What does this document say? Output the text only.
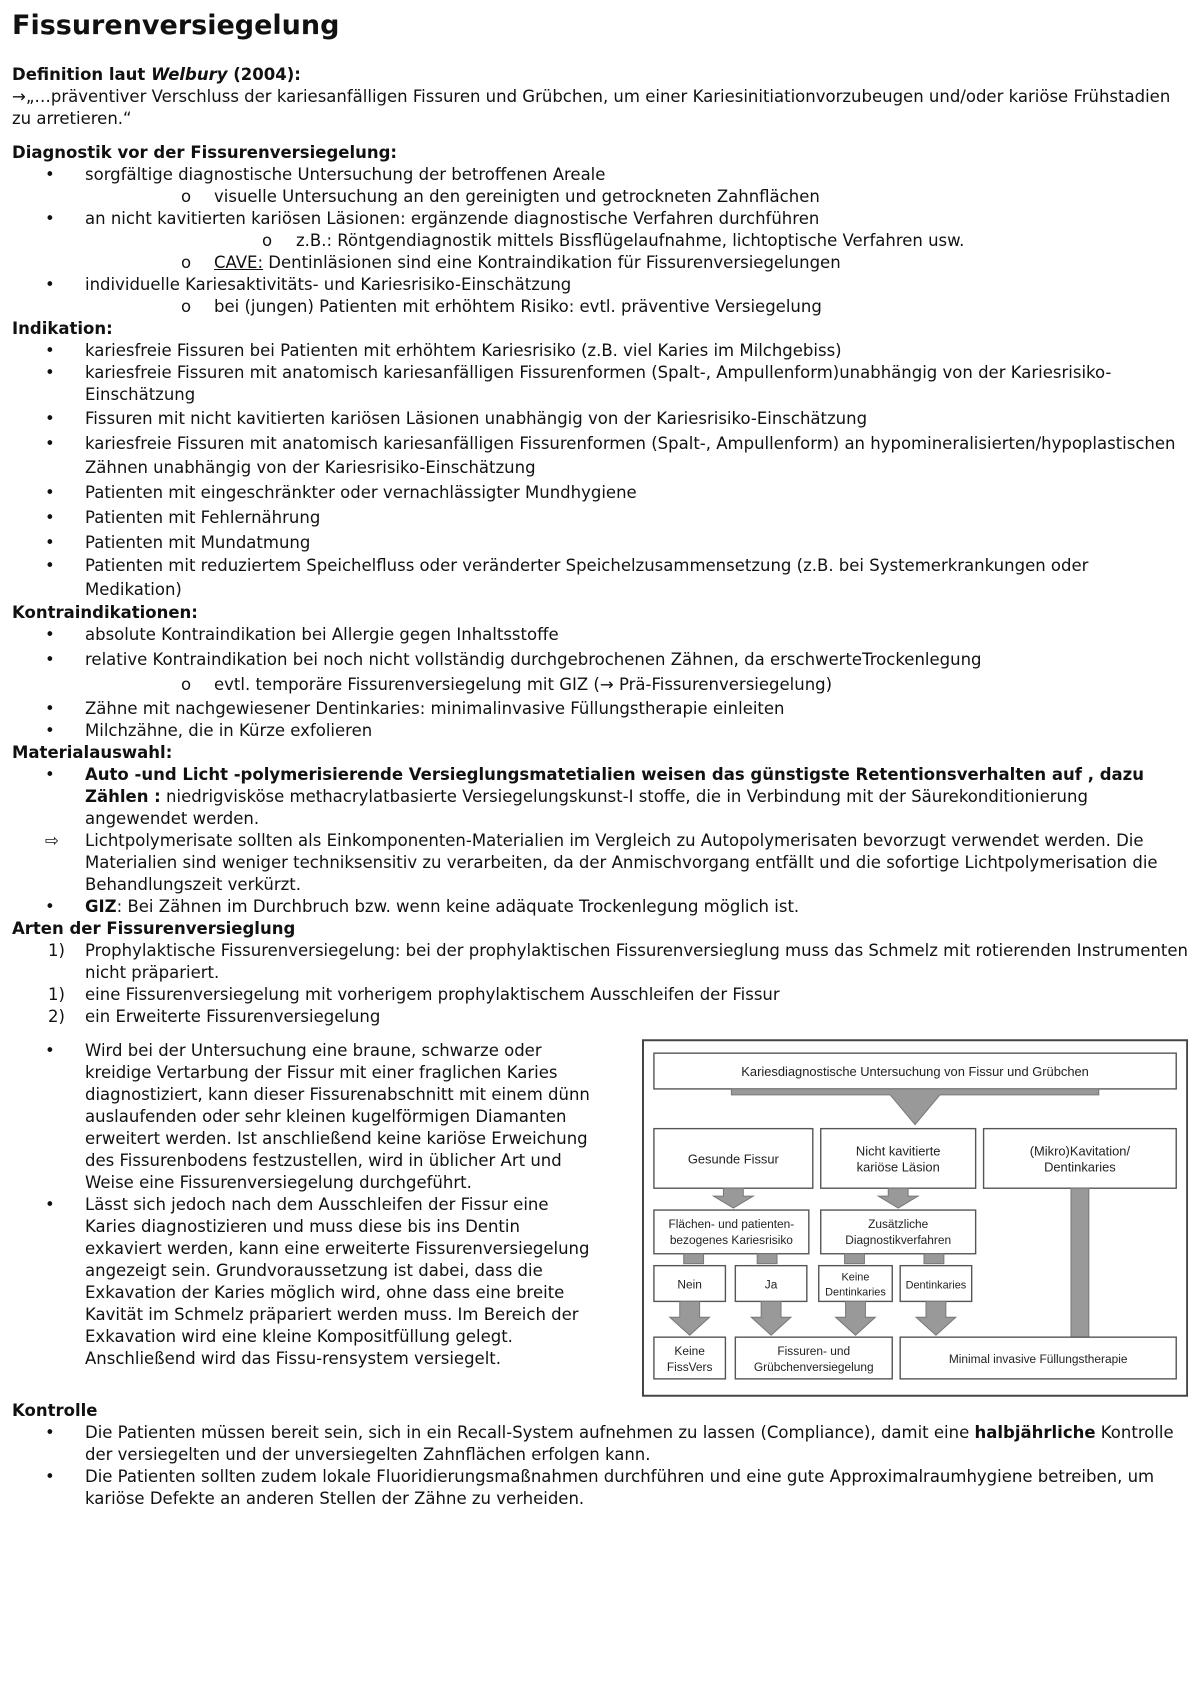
Fissurenversiegelung

Definition laut Welbury (2004):

→„…präventiver Verschluss der kariesanfälligen Fissuren und Grübchen, um einer Kariesinitiationvorzubeugen und/oder kariöse Frühstadien zu arretieren.“

Diagnostik vor der Fissurenversiegelung:

• sorgfältige diagnostische Untersuchung der betroffenen Areale
o visuelle Untersuchung an den gereinigten und getrockneten Zahnflächen
• an nicht kavitierten kariösen Läsionen: ergänzende diagnostische Verfahren durchführen
o z.B.: Röntgendiagnostik mittels Bissflügelaufnahme, lichtoptische Verfahren usw.
o CAVE: Dentinläsionen sind eine Kontraindikation für Fissurenversiegelungen
• individuelle Kariesaktivitäts- und Kariesrisiko-Einschätzung
o bei (jungen) Patienten mit erhöhtem Risiko: evtl. präventive Versiegelung

Indikation:

• kariesfreie Fissuren bei Patienten mit erhöhtem Kariesrisiko (z.B. viel Karies im Milchgebiss)
• kariesfreie Fissuren mit anatomisch kariesanfälligen Fissurenformen (Spalt-, Ampullenform)unabhängig von der Kariesrisiko-Einschätzung
• Fissuren mit nicht kavitierten kariösen Läsionen unabhängig von der Kariesrisiko-Einschätzung
• kariesfreie Fissuren mit anatomisch kariesanfälligen Fissurenformen (Spalt-, Ampullenform) an hypomineralisierten/hypoplastischen Zähnen unabhängig von der Kariesrisiko-Einschätzung
• Patienten mit eingeschränkter oder vernachlässigter Mundhygiene
• Patienten mit Fehlernährung
• Patienten mit Mundatmung
• Patienten mit reduziertem Speichelfluss oder veränderter Speichelzusammensetzung (z.B. bei Systemerkrankungen oder Medikation)

Kontraindikationen:

• absolute Kontraindikation bei Allergie gegen Inhaltsstoffe
• relative Kontraindikation bei noch nicht vollständig durchgebrochenen Zähnen, da erschwerteTrockenlegung
o evtl. temporäre Fissurenversiegelung mit GIZ (→ Prä-Fissurenversiegelung)
• Zähne mit nachgewiesener Dentinkaries: minimalinvasive Füllungstherapie einleiten
• Milchzähne, die in Kürze exfolieren

Materialauswahl:

• Auto -und Licht -polymerisierende Versieglungsmatetialien weisen das günstigste Retentionsverhalten auf , dazu Zählen : niedrigvisköse methacrylatbasierte Versiegelungskunst-I stoffe, die in Verbindung mit der Säurekonditionierung angewendet werden.
⇨ Lichtpolymerisate sollten als Einkomponenten-Materialien im Vergleich zu Autopolymerisaten bevorzugt verwendet werden. Die Materialien sind weniger techniksensitiv zu verarbeiten, da der Anmischvorgang entfällt und die sofortige Lichtpolymerisation die Behandlungszeit verkürzt.
• GIZ: Bei Zähnen im Durchbruch bzw. wenn keine adäquate Trockenlegung möglich ist.

Arten der Fissurenversieglung

1) Prophylaktische Fissurenversiegelung: bei der prophylaktischen Fissurenversieglung muss das Schmelz mit rotierenden Instrumenten nicht präpariert.
1) eine Fissurenversiegelung mit vorherigem prophylaktischem Ausschleifen der Fissur
2) ein Erweiterte Fissurenversiegelung
• Wird bei der Untersuchung eine braune, schwarze oder kreidige Vertarbung der Fissur mit einer fraglichen Karies diagnostiziert, kann dieser Fissurenabschnitt mit einem dünn auslaufenden oder sehr kleinen kugelförmigen Diamanten erweitert werden. Ist anschließend keine kariöse Erweichung des Fissurenbodens festzustellen, wird in üblicher Art und Weise eine Fissurenversiegelung durchgeführt.
• Lässt sich jedoch nach dem Ausschleifen der Fissur eine Karies diagnostizieren und muss diese bis ins Dentin exkaviert werden, kann eine erweiterte Fissurenversiegelung angezeigt sein. Grundvoraussetzung ist dabei, dass die Exkavation der Karies möglich wird, ohne dass eine breite Kavität im Schmelz präpariert werden muss. Im Bereich der Exkavation wird eine kleine Kompositfüllung gelegt. Anschließend wird das Fissu-rensystem versiegelt.
Kariesdiagnostische Untersuchung von Fissur und Grübchen
Gesunde Fissur
Nicht kavitierte
kariöse Läsion
(Mikro)Kavitation/
Dentinkaries
Flächen- und patienten-
bezogenes Kariesrisiko
Zusätzliche
Diagnostikverfahren
Nein	Ja	Keine
Dentinkaries
Dentinkaries
Keine
FissVers
Fissuren- und
Grübchenversiegelung
Minimal invasive Füllungstherapie

Kontrolle

• Die Patienten müssen bereit sein, sich in ein Recall-System aufnehmen zu lassen (Compliance), damit eine halbjährliche Kontrolle der versiegelten und der unversiegelten Zahnflächen erfolgen kann.
• Die Patienten sollten zudem lokale Fluoridierungsmaßnahmen durchführen und eine gute Approximalraumhygiene betreiben, um kariöse Defekte an anderen Stellen der Zähne zu verheiden.
